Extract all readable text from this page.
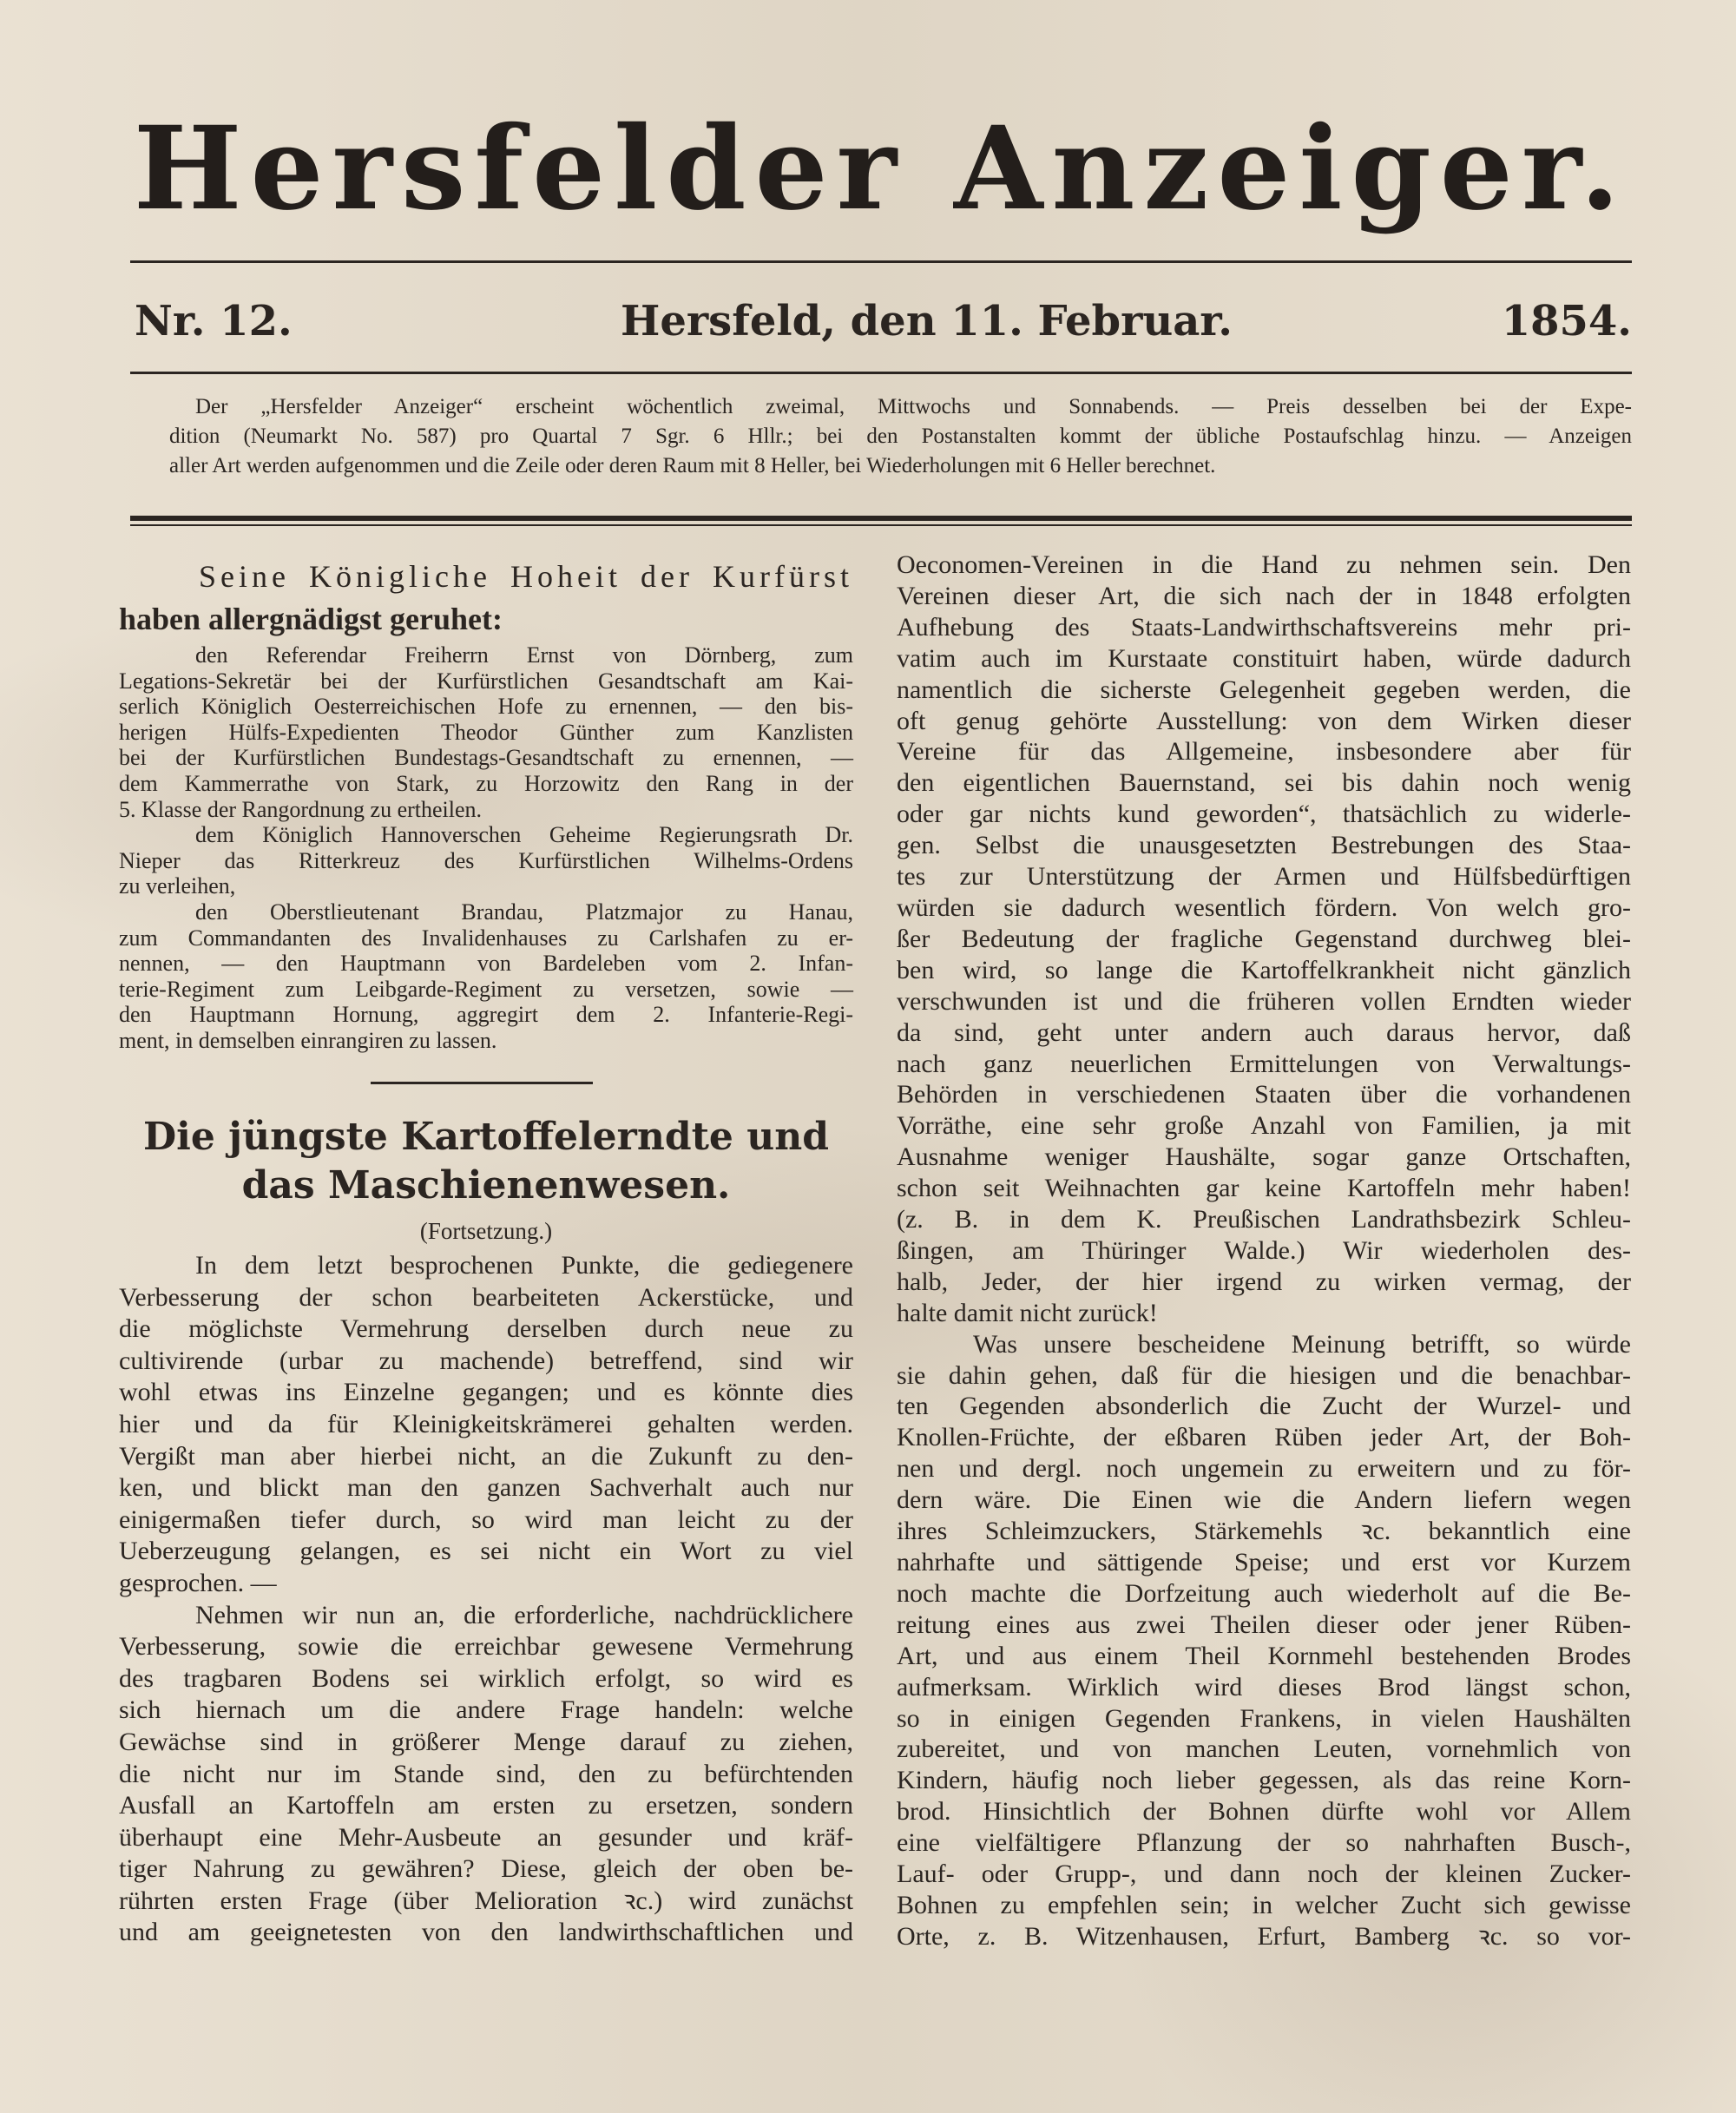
Hersfelder Anzeiger.
Nr. 12.	Hersfeld, den 11. Februar.	1854.
Der „Hersfelder Anzeiger“ erscheint wöchentlich zweimal, Mittwochs und Sonnabends. — Preis desselben bei der Expe-
dition (Neumarkt No. 587) pro Quartal 7 Sgr. 6 Hllr.; bei den Postanstalten kommt der übliche Postaufschlag hinzu. — Anzeigen
aller Art werden aufgenommen und die Zeile oder deren Raum mit 8 Heller, bei Wiederholungen mit 6 Heller berechnet.
Seine Königliche Hoheit der Kurfürst
haben allergnädigst geruhet:
den Referendar Freiherrn Ernst von Dörnberg, zum
Legations-Sekretär bei der Kurfürstlichen Gesandtschaft am Kai-
serlich Königlich Oesterreichischen Hofe zu ernennen, — den bis-
herigen Hülfs-Expedienten Theodor Günther zum Kanzlisten
bei der Kurfürstlichen Bundestags-Gesandtschaft zu ernennen, —
dem Kammerrathe von Stark, zu Horzowitz den Rang in der
5. Klasse der Rangordnung zu ertheilen.
dem Königlich Hannoverschen Geheime Regierungsrath Dr.
Nieper das Ritterkreuz des Kurfürstlichen Wilhelms-Ordens
zu verleihen,
den Oberstlieutenant Brandau, Platzmajor zu Hanau,
zum Commandanten des Invalidenhauses zu Carlshafen zu er-
nennen, — den Hauptmann von Bardeleben vom 2. Infan-
terie-Regiment zum Leibgarde-Regiment zu versetzen, sowie —
den Hauptmann Hornung, aggregirt dem 2. Infanterie-Regi-
ment, in demselben einrangiren zu lassen.
Die jüngste Kartoffelerndte und das Maschienenwesen.
(Fortsetzung.)
In dem letzt besprochenen Punkte, die gediegenere
Verbesserung der schon bearbeiteten Ackerstücke, und
die möglichste Vermehrung derselben durch neue zu
cultivirende (urbar zu machende) betreffend, sind wir
wohl etwas ins Einzelne gegangen; und es könnte dies
hier und da für Kleinigkeitskrämerei gehalten werden.
Vergißt man aber hierbei nicht, an die Zukunft zu den-
ken, und blickt man den ganzen Sachverhalt auch nur
einigermaßen tiefer durch, so wird man leicht zu der
Ueberzeugung gelangen, es sei nicht ein Wort zu viel
gesprochen. —
Nehmen wir nun an, die erforderliche, nachdrücklichere
Verbesserung, sowie die erreichbar gewesene Vermehrung
des tragbaren Bodens sei wirklich erfolgt, so wird es
sich hiernach um die andere Frage handeln: welche
Gewächse sind in größerer Menge darauf zu ziehen,
die nicht nur im Stande sind, den zu befürchtenden
Ausfall an Kartoffeln am ersten zu ersetzen, sondern
überhaupt eine Mehr-Ausbeute an gesunder und kräf-
tiger Nahrung zu gewähren? Diese, gleich der oben be-
rührten ersten Frage (über Melioration ꝛc.) wird zunächst
und am geeignetesten von den landwirthschaftlichen und
Oeconomen-Vereinen in die Hand zu nehmen sein. Den
Vereinen dieser Art, die sich nach der in 1848 erfolgten
Aufhebung des Staats-Landwirthschaftsvereins mehr pri-
vatim auch im Kurstaate constituirt haben, würde dadurch
namentlich die sicherste Gelegenheit gegeben werden, die
oft genug gehörte Ausstellung: von dem Wirken dieser
Vereine für das Allgemeine, insbesondere aber für
den eigentlichen Bauernstand, sei bis dahin noch wenig
oder gar nichts kund geworden“, thatsächlich zu widerle-
gen. Selbst die unausgesetzten Bestrebungen des Staa-
tes zur Unterstützung der Armen und Hülfsbedürftigen
würden sie dadurch wesentlich fördern. Von welch gro-
ßer Bedeutung der fragliche Gegenstand durchweg blei-
ben wird, so lange die Kartoffelkrankheit nicht gänzlich
verschwunden ist und die früheren vollen Erndten wieder
da sind, geht unter andern auch daraus hervor, daß
nach ganz neuerlichen Ermittelungen von Verwaltungs-
Behörden in verschiedenen Staaten über die vorhandenen
Vorräthe, eine sehr große Anzahl von Familien, ja mit
Ausnahme weniger Haushälte, sogar ganze Ortschaften,
schon seit Weihnachten gar keine Kartoffeln mehr haben!
(z. B. in dem K. Preußischen Landrathsbezirk Schleu-
ßingen, am Thüringer Walde.) Wir wiederholen des-
halb, Jeder, der hier irgend zu wirken vermag, der
halte damit nicht zurück!
Was unsere bescheidene Meinung betrifft, so würde
sie dahin gehen, daß für die hiesigen und die benachbar-
ten Gegenden absonderlich die Zucht der Wurzel- und
Knollen-Früchte, der eßbaren Rüben jeder Art, der Boh-
nen und dergl. noch ungemein zu erweitern und zu för-
dern wäre. Die Einen wie die Andern liefern wegen
ihres Schleimzuckers, Stärkemehls ꝛc. bekanntlich eine
nahrhafte und sättigende Speise; und erst vor Kurzem
noch machte die Dorfzeitung auch wiederholt auf die Be-
reitung eines aus zwei Theilen dieser oder jener Rüben-
Art, und aus einem Theil Kornmehl bestehenden Brodes
aufmerksam. Wirklich wird dieses Brod längst schon,
so in einigen Gegenden Frankens, in vielen Haushälten
zubereitet, und von manchen Leuten, vornehmlich von
Kindern, häufig noch lieber gegessen, als das reine Korn-
brod. Hinsichtlich der Bohnen dürfte wohl vor Allem
eine vielfältigere Pflanzung der so nahrhaften Busch-,
Lauf- oder Grupp-, und dann noch der kleinen Zucker-
Bohnen zu empfehlen sein; in welcher Zucht sich gewisse
Orte, z. B. Witzenhausen, Erfurt, Bamberg ꝛc. so vor-
